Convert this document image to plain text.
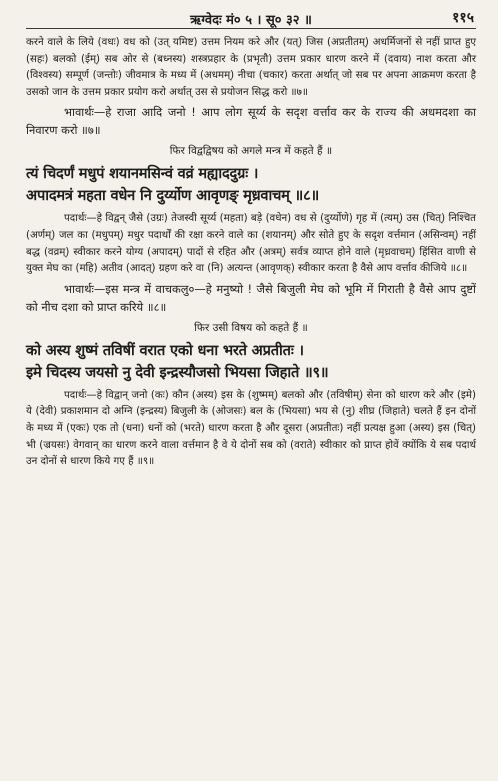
ऋग्वेदः मं० ५ । सू० ३२ ॥	११५

करने वाले के लिये (वधः) वध को (उत् यमिष्ट) उत्तम नियम करे और (यत्) जिस (अप्रतीतम्) अधर्मिजनों से नहीं प्राप्त हुए (सहः) बलको (ईम्) सब ओर से (बध्नस्य) शस्त्रप्रहार के (प्रभृतौ) उत्तम प्रकार धारण करने में (दवाय) नाश करता और (विश्वस्य) सम्पूर्ण (जन्तोः) जीवमात्र के मध्य में (अधमम्) नीचा (चकार) करता अर्थात् जो सब पर अपना आक्रमण करता है उसको जान के उत्तम प्रकार प्रयोग करो अर्थात् उस से प्रयोजन सिद्ध करो ॥७॥

भावार्थः—हे राजा आदि जनो ! आप लोग सूर्य्य के सदृश वर्त्ताव कर के राज्य की अधमदशा का निवारण करो ॥७॥

फिर विद्वद्विषय को अगले मन्त्र में कहते हैं ॥

त्यं चिदर्णं मधुपं शयानमसिन्वं वव्रं मह्याददुग्रः ।

अपादमत्रं महता वधेन नि दुर्य्योण आवृणङ् मृध्रवाचम् ॥८॥

पदार्थः—हे विद्वन् जैसे (उग्रः) तेजस्वी सूर्य्य (महता) बड़े (वधेन) वध से (दुर्य्योणे) गृह में (त्यम्) उस (चित्) निश्चित (अर्णम्) जल का (मधुपम्) मधुर पदार्थों की रक्षा करने वाले का (शयानम्) और सोते हुए के सदृश वर्त्तमान (असिन्वम्) नहीं बद्ध (वव्रम्) स्वीकार करने योग्य (अपादम्) पादों से रहित और (अत्रम्) सर्वत्र व्याप्त होने वाले (मृध्रवाचम्) हिंसित वाणी से युक्त मेघ का (महि) अतीव (आदत्) ग्रहण करे वा (नि) अत्यन्त (आवृणक्) स्वीकार करता है वैसे आप वर्त्ताव कीजिये ॥८॥

भावार्थः—इस मन्त्र में वाचकलु०—हे मनुष्यो ! जैसे बिजुली मेघ को भूमि में गिराती है वैसे आप दुष्टों को नीच दशा को प्राप्त करिये ॥८॥

फिर उसी विषय को कहते हैं ॥

को अस्य शुष्मं तविषीं वरात एको धना भरते अप्रतीतः ।

इमे चिदस्य जयसो नु देवी इन्द्रस्यौजसो भियसा जिहाते ॥९॥

पदार्थः—हे विद्वान् जनो (कः) कौन (अस्य) इस के (शुष्मम्) बलको और (तविषीम्) सेना को धारण करे और (इमे) ये (देवी) प्रकाशमान दो अग्नि (इन्द्रस्य) बिजुली के (ओजसः) बल के (भियसा) भय से (नु) शीघ्र (जिहाते) चलते हैं इन दोनों के मध्य में (एकः) एक तो (धना) धनों को (भरते) धारण करता है और दूसरा (अप्रतीतः) नहीं प्रत्यक्ष हुआ (अस्य) इस (चित्) भी (ज्रयसः) वेगवान् का धारण करने वाला वर्त्तमान है वे ये दोनों सब को (वराते) स्वीकार को प्राप्त होवें क्योंकि ये सब पदार्थ उन दोनों से धारण किये गए हैं ॥९॥
